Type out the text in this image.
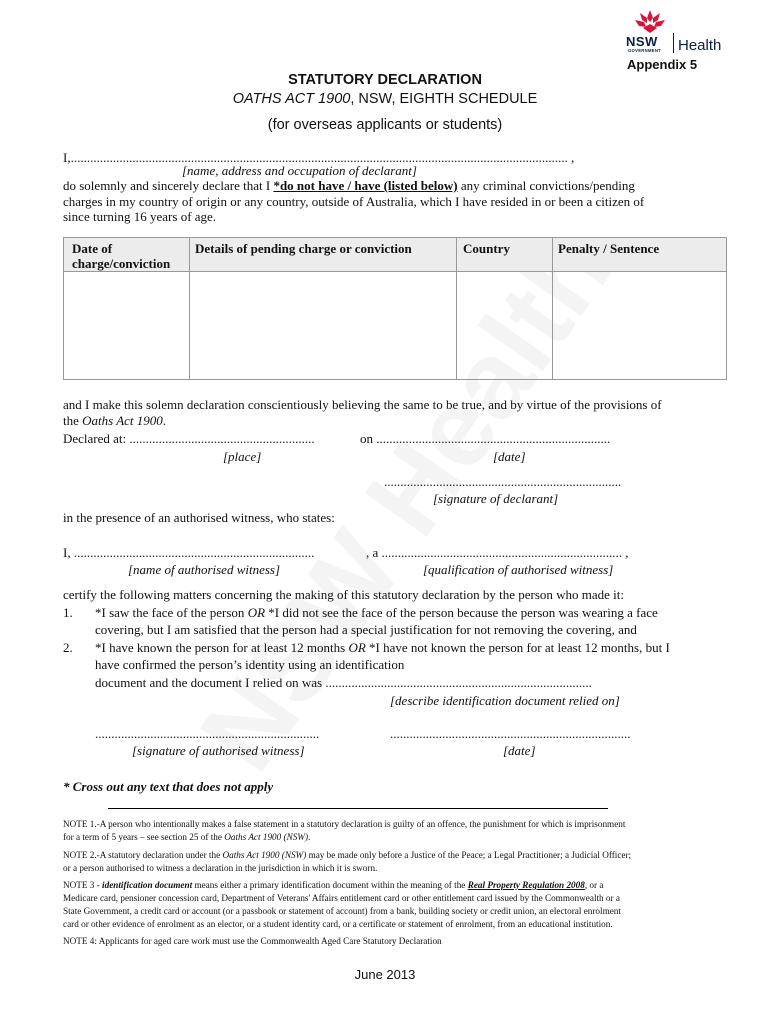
NSW
GOVERNMENT Health
Appendix 5
STATUTORY DECLARATION
OATHS ACT 1900, NSW, EIGHTH SCHEDULE
(for overseas applicants or students)
I,......................................................................................................................................................... ,
[name, address and occupation of declarant]
do solemnly and sincerely declare that I *do not have / have (listed below) any criminal convictions/pending
charges in my country of origin or any country, outside of Australia, which I have resided in or been a citizen of
since turning 16 years of age.
Date of
charge/conviction
Details of pending charge or conviction	Country	Penalty / Sentence
and I make this solemn declaration conscientiously believing the same to be true, and by virtue of the provisions of
the Oaths Act 1900.
Declared at: .........................................................	on ........................................................................
[place]	[date]
.........................................................................
[signature of declarant]
in the presence of an authorised witness, who states:
I, ..........................................................................	, a .......................................................................... ,
[name of authorised witness]	[qualification of authorised witness]
certify the following matters concerning the making of this statutory declaration by the person who made it:
1. *I saw the face of the person OR *I did not see the face of the person because the person was wearing a face
covering, but I am satisfied that the person had a special justification for not removing the covering, and
2. *I have known the person for at least 12 months OR *I have not known the person for at least 12 months, but I
have confirmed the person’s identity using an identification
document and the document I relied on was ..................................................................................
[describe identification document relied on]
.....................................................................	..........................................................................
[signature of authorised witness]	[date]
* Cross out any text that does not apply
NOTE 1.-A person who intentionally makes a false statement in a statutory declaration is guilty of an offence, the punishment for which is imprisonment
for a term of 5 years – see section 25 of the Oaths Act 1900 (NSW).
NOTE 2.-A statutory declaration under the Oaths Act 1900 (NSW) may be made only before a Justice of the Peace; a Legal Practitioner; a Judicial Officer;
or a person authorised to witness a declaration in the jurisdiction in which it is sworn.
NOTE 3 - identification document means either a primary identification document within the meaning of the Real Property Regulation 2008, or a
Medicare card, pensioner concession card, Department of Veterans' Affairs entitlement card or other entitlement card issued by the Commonwealth or a
State Government, a credit card or account (or a passbook or statement of account) from a bank, building society or credit union, an electoral enrolment
card or other evidence of enrolment as an elector, or a student identity card, or a certificate or statement of enrolment, from an educational institution.
NOTE 4: Applicants for aged care work must use the Commonwealth Aged Care Statutory Declaration
June 2013
